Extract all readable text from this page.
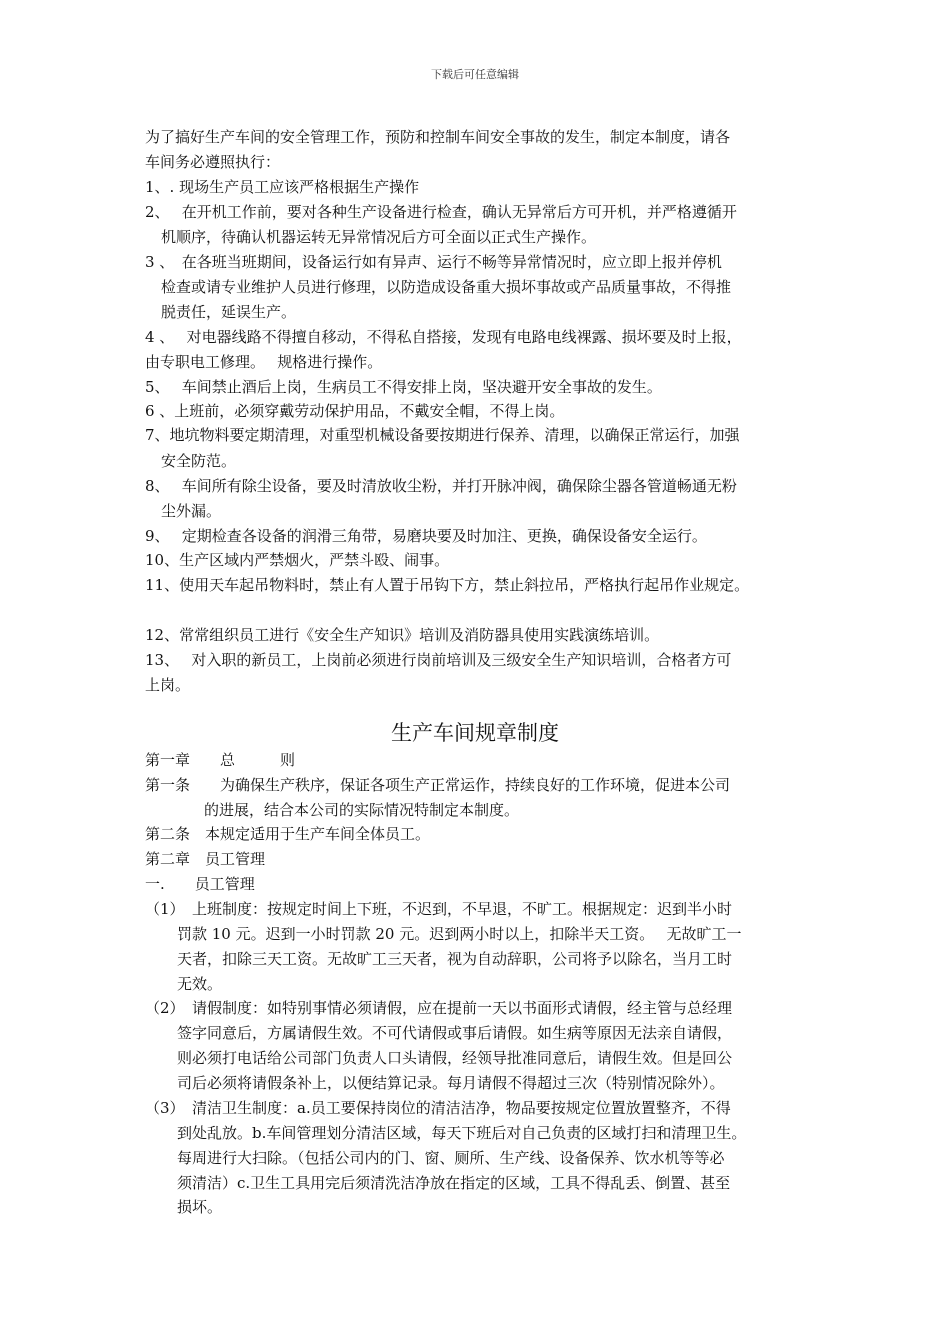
下载后可任意编辑
为了搞好生产车间的安全管理工作，预防和控制车间安全事故的发生，制定本制度，请各
车间务必遵照执行：
1、. 现场生产员工应该严格根据生产操作
2、　 在开机工作前，要对各种生产设备进行检查，确认无异常后方可开机，并严格遵循开
机顺序，待确认机器运转无异常情况后方可全面以正式生产操作。
3 、　在各班当班期间，设备运行如有异声、运行不畅等异常情况时，应立即上报并停机
检查或请专业维护人员进行修理，以防造成设备重大损坏事故或产品质量事故，不得推
脱责任，延误生产。
4 、　 对电器线路不得擅自移动，不得私自搭接，发现有电路电线裸露、损坏要及时上报，
由专职电工修理。　 规格进行操作。
5、　 车间禁止酒后上岗，生病员工不得安排上岗，坚决避开安全事故的发生。
6 、上班前，必须穿戴劳动保护用品，不戴安全帽，不得上岗。
7、地坑物料要定期清理，对重型机械设备要按期进行保养、清理，以确保正常运行，加强
安全防范。
8、　 车间所有除尘设备，要及时清放收尘粉，并打开脉冲阀，确保除尘器各管道畅通无粉
尘外漏。
9、　 定期检查各设备的润滑三角带，易磨块要及时加注、更换，确保设备安全运行。
10、生产区域内严禁烟火，严禁斗殴、闹事。
11、使用天车起吊物料时，禁止有人置于吊钩下方，禁止斜拉吊，严格执行起吊作业规定。
12、常常组织员工进行《安全生产知识》培训及消防器具使用实践演练培训。
13、　 对入职的新员工，上岗前必须进行岗前培训及三级安全生产知识培训，合格者方可
上岗。
生产车间规章制度
第一章　　总　　　则
第一条　　为确保生产秩序，保证各项生产正常运作，持续良好的工作环境，促进本公司
的进展，结合本公司的实际情况特制定本制度。
第二条　本规定适用于生产车间全体员工。
第二章　员工管理
一.　　员工管理
（1）　上班制度：按规定时间上下班，不迟到，不早退，不旷工。根据规定：迟到半小时
罚款 10 元。迟到一小时罚款 20 元。迟到两小时以上，扣除半天工资。　 无故旷工一
天者，扣除三天工资。无故旷工三天者，视为自动辞职，公司将予以除名，当月工时
无效。
（2）　请假制度：如特别事情必须请假，应在提前一天以书面形式请假，经主管与总经理
签字同意后，方属请假生效。不可代请假或事后请假。如生病等原因无法亲自请假，
则必须打电话给公司部门负责人口头请假，经领导批准同意后，请假生效。但是回公
司后必须将请假条补上，以便结算记录。每月请假不得超过三次（特别情况除外）。
（3）　清洁卫生制度：a.员工要保持岗位的清洁洁净，物品要按规定位置放置整齐，不得
到处乱放。b.车间管理划分清洁区域，每天下班后对自己负责的区域打扫和清理卫生。
每周进行大扫除。（包括公司内的门、窗、厕所、生产线、设备保养、饮水机等等必
须清洁）c.卫生工具用完后须清洗洁净放在指定的区域，工具不得乱丢、倒置、甚至
损坏。
